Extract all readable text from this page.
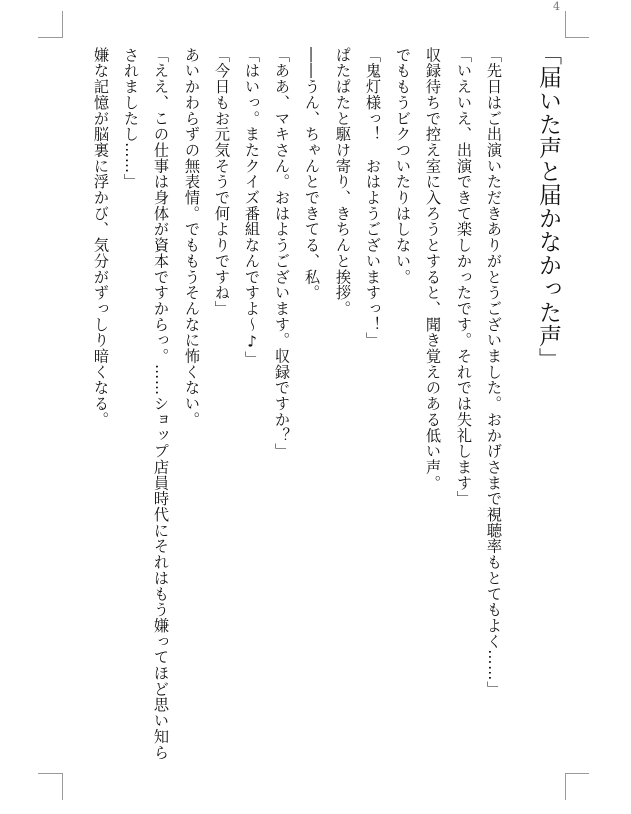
4
「届いた声と届かなかった声」
「先日はご出演いただきありがとうございました。おかげさまで視聴率もとてもよく……」
「いえいえ、出演できて楽しかったです。それでは失礼します」
収録待ちで控え室に入ろうとすると、聞き覚えのある低い声。
でももうビクついたりはしない。
「鬼灯様っ！　おはようございますっ！」
ぱたぱたと駆け寄り、きちんと挨拶。
――うん、ちゃんとできてる、私。
「ああ、マキさん。おはようございます。収録ですか？」
「はいっ。またクイズ番組なんですよ～♪」
「今日もお元気そうで何よりですね」
あいかわらずの無表情。でももうそんなに怖くない。
「ええ、この仕事は身体が資本ですからっ。……ショップ店員時代にそれはもう嫌ってほど思い知ら
されましたし……」
嫌な記憶が脳裏に浮かび、気分がずっしり暗くなる。
